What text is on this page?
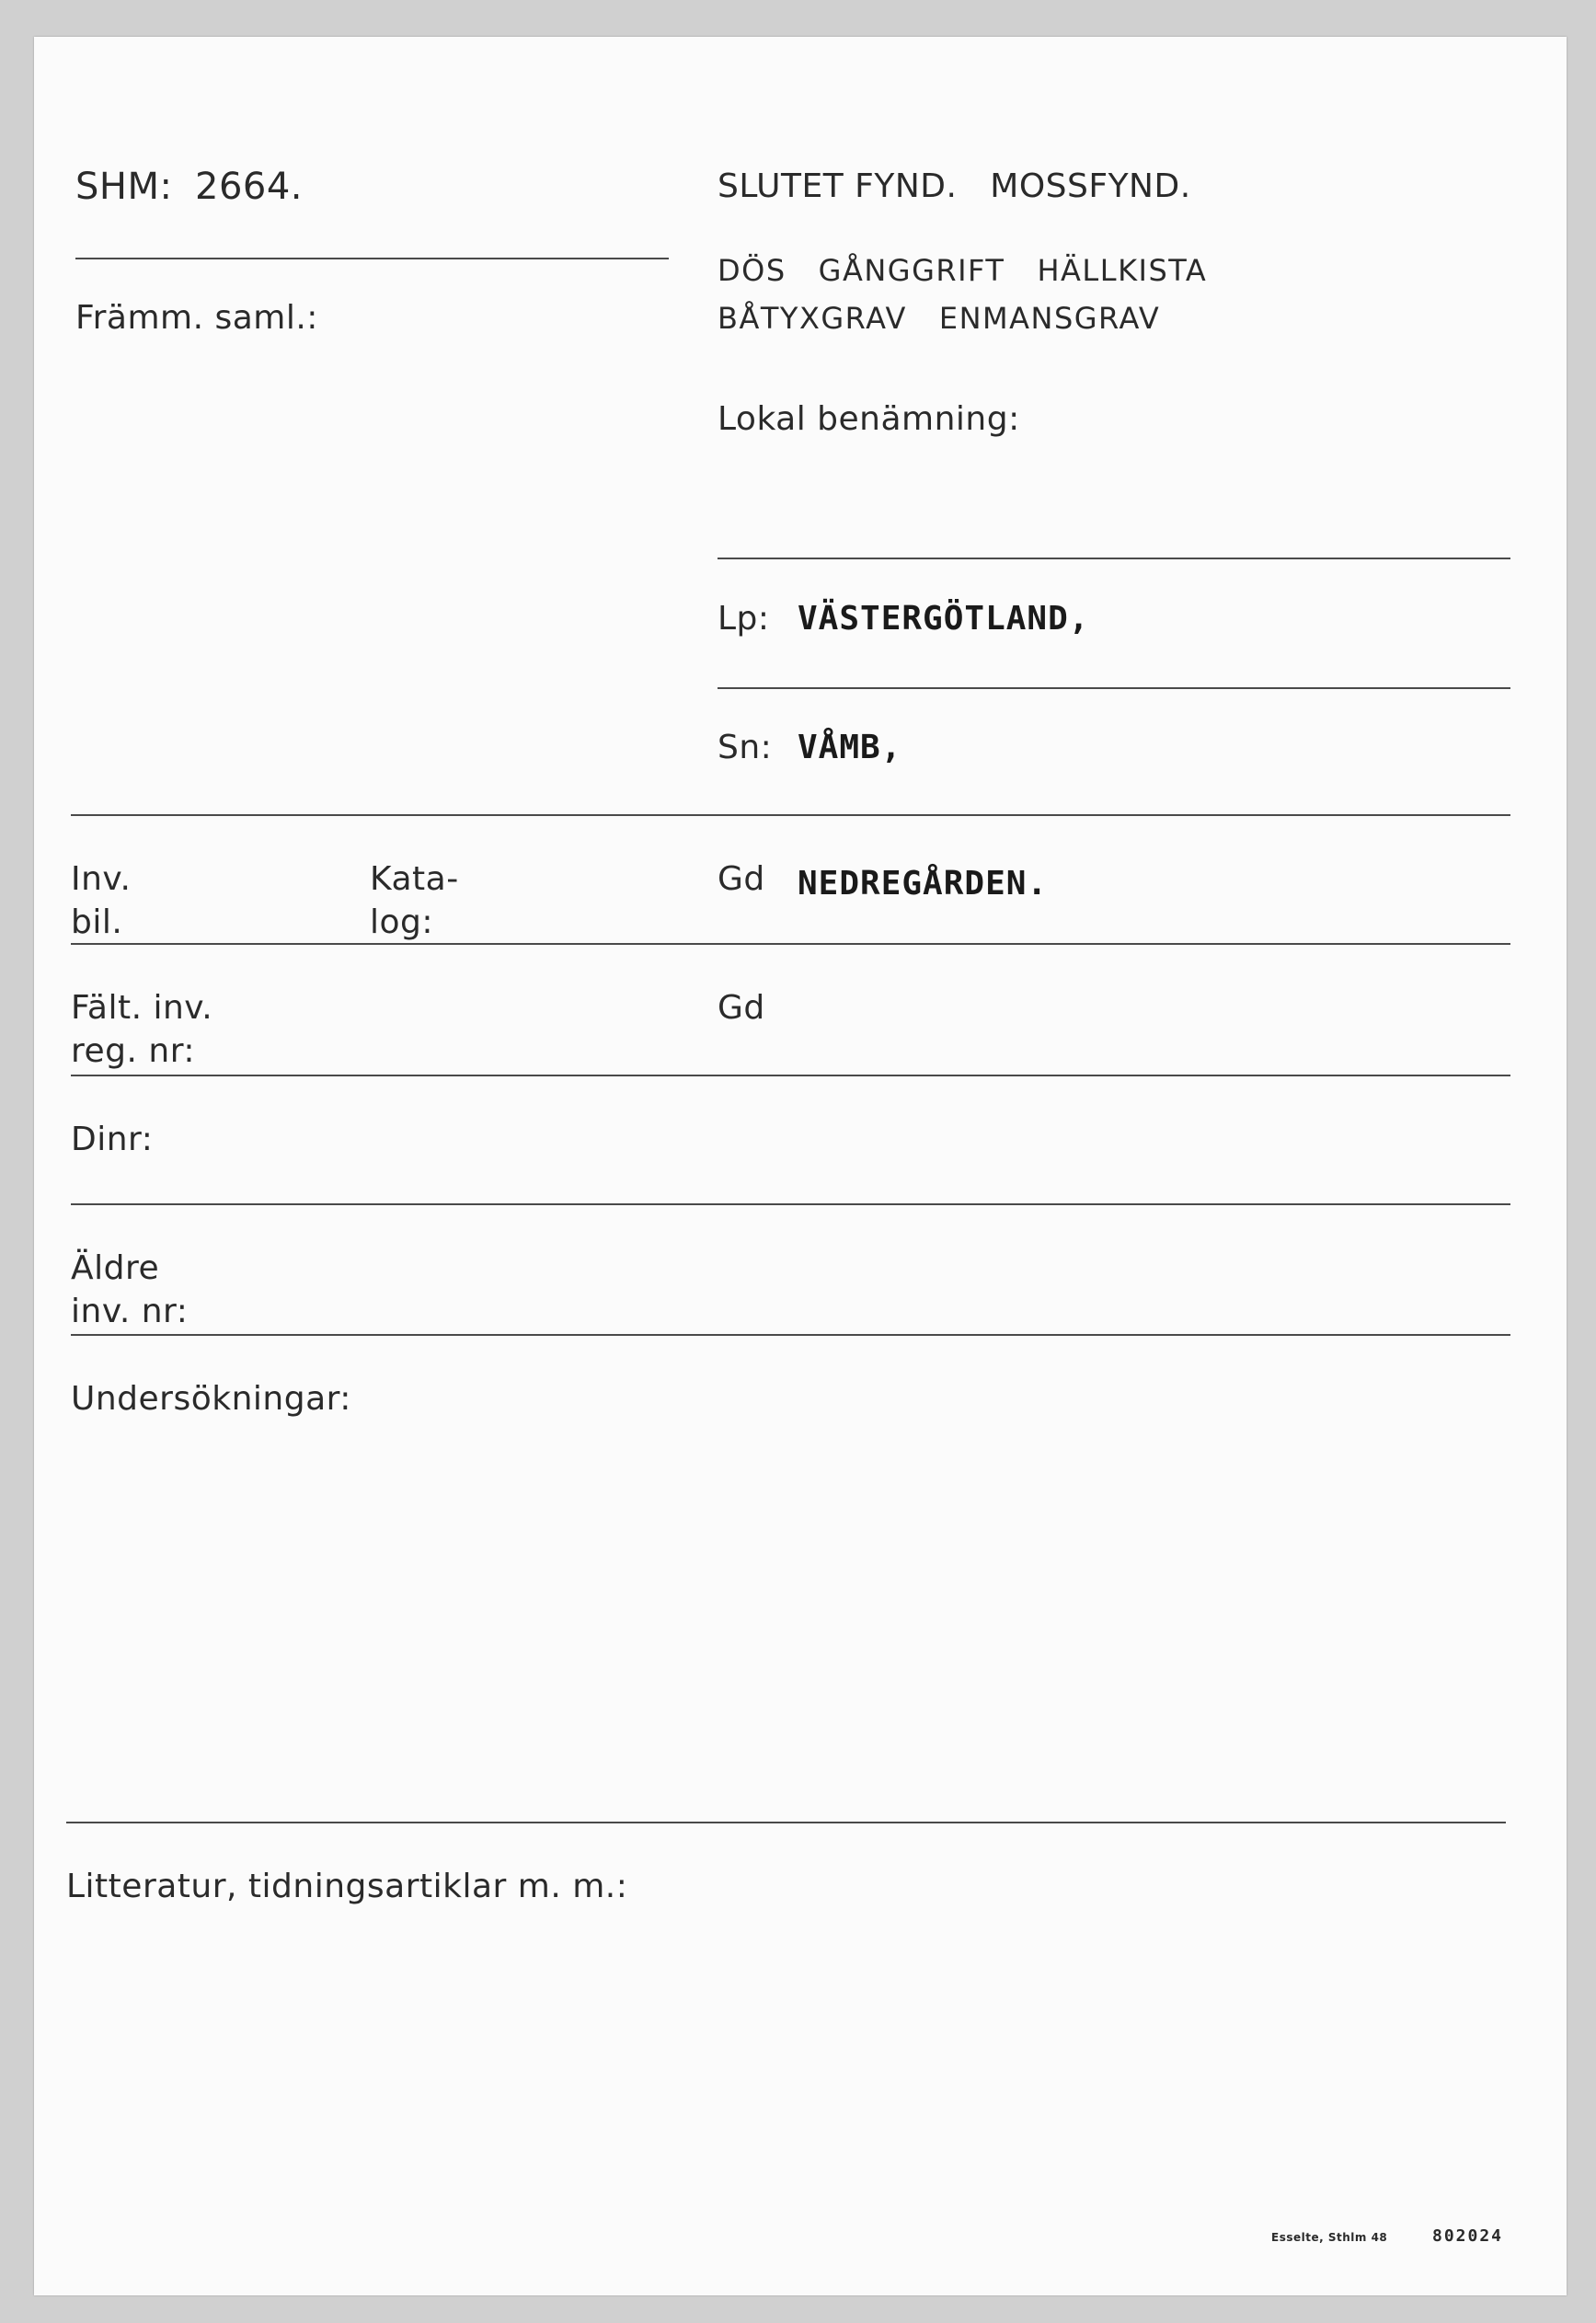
SHM: 2664.
Främm. saml.:
SLUTET FYND.   MOSSFYND.
DÖS   GÅNGGRIFT   HÄLLKISTA
BÅTYXGRAV   ENMANSGRAV
Lokal benämning:
Lp: VÄSTERGÖTLAND,
Sn: VÅMB,
Inv.
bil.
Kata-
log:
Gd NEDREGÅRDEN.
Fält. inv.
reg. nr:
Gd
Dinr:
Äldre
inv. nr:
Undersökningar:
Litteratur, tidningsartiklar m. m.:
Esselte, Sthlm 48	802024
